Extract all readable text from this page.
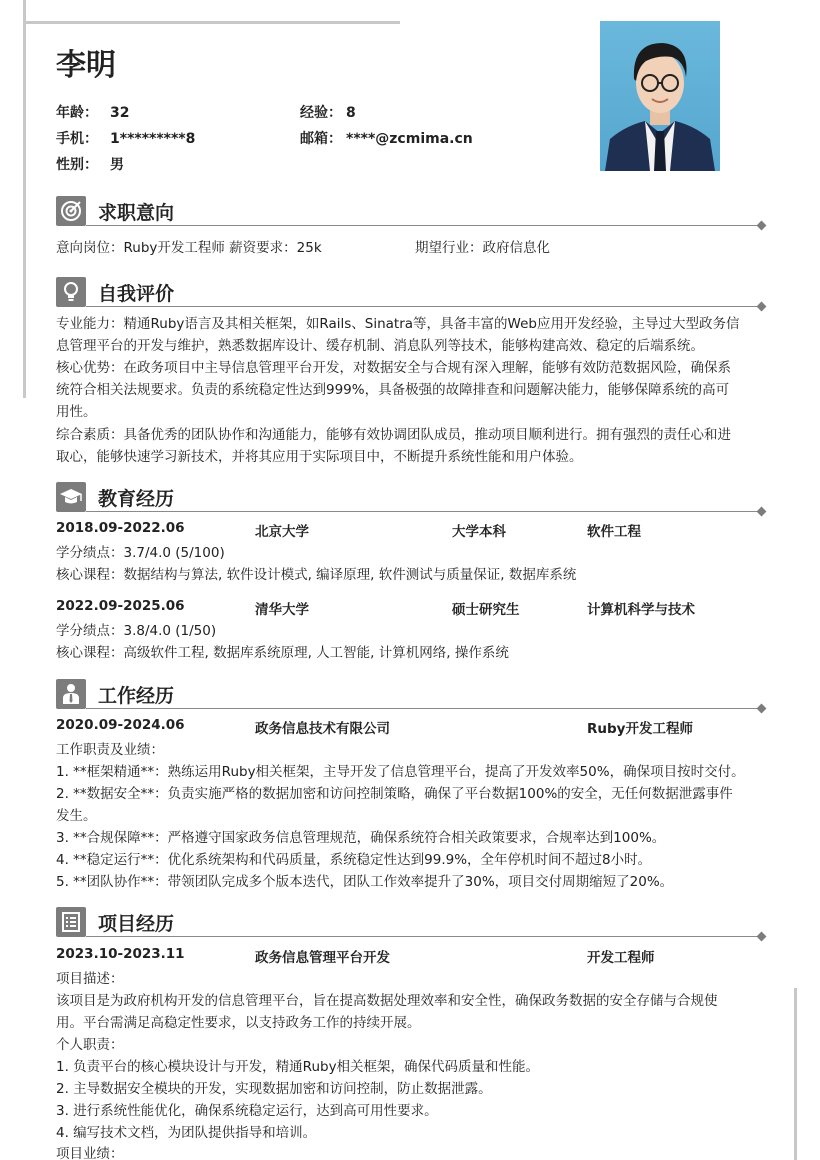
李明
年龄： 32	经验： 8
手机： 1*********8	邮箱： ****@zcmima.cn
性别： 男
求职意向
意向岗位：Ruby开发工程师 薪资要求：25k	期望行业：政府信息化
自我评价
专业能力：精通Ruby语言及其相关框架，如Rails、Sinatra等，具备丰富的Web应用开发经验，主导过大型政务信
息管理平台的开发与维护，熟悉数据库设计、缓存机制、消息队列等技术，能够构建高效、稳定的后端系统。
核心优势：在政务项目中主导信息管理平台开发，对数据安全与合规有深入理解，能够有效防范数据风险，确保系
统符合相关法规要求。负责的系统稳定性达到999%，具备极强的故障排查和问题解决能力，能够保障系统的高可
用性。
综合素质：具备优秀的团队协作和沟通能力，能够有效协调团队成员，推动项目顺利进行。拥有强烈的责任心和进
取心，能够快速学习新技术，并将其应用于实际项目中，不断提升系统性能和用户体验。
教育经历
2018.09-2022.06	北京大学	大学本科	软件工程
学分绩点：3.7/4.0 (5/100)
核心课程：数据结构与算法, 软件设计模式, 编译原理, 软件测试与质量保证, 数据库系统
2022.09-2025.06	清华大学	硕士研究生	计算机科学与技术
学分绩点：3.8/4.0 (1/50)
核心课程：高级软件工程, 数据库系统原理, 人工智能, 计算机网络, 操作系统
工作经历
2020.09-2024.06	政务信息技术有限公司	Ruby开发工程师
工作职责及业绩：
1. **框架精通**：熟练运用Ruby相关框架，主导开发了信息管理平台，提高了开发效率50%，确保项目按时交付。
2. **数据安全**：负责实施严格的数据加密和访问控制策略，确保了平台数据100%的安全，无任何数据泄露事件
发生。
3. **合规保障**：严格遵守国家政务信息管理规范，确保系统符合相关政策要求，合规率达到100%。
4. **稳定运行**：优化系统架构和代码质量，系统稳定性达到99.9%，全年停机时间不超过8小时。
5. **团队协作**：带领团队完成多个版本迭代，团队工作效率提升了30%，项目交付周期缩短了20%。
项目经历
2023.10-2023.11	政务信息管理平台开发	开发工程师
项目描述：
该项目是为政府机构开发的信息管理平台，旨在提高数据处理效率和安全性，确保政务数据的安全存储与合规使
用。平台需满足高稳定性要求，以支持政务工作的持续开展。
个人职责：
1. 负责平台的核心模块设计与开发，精通Ruby相关框架，确保代码质量和性能。
2. 主导数据安全模块的开发，实现数据加密和访问控制，防止数据泄露。
3. 进行系统性能优化，确保系统稳定运行，达到高可用性要求。
4. 编写技术文档，为团队提供指导和培训。
项目业绩：
